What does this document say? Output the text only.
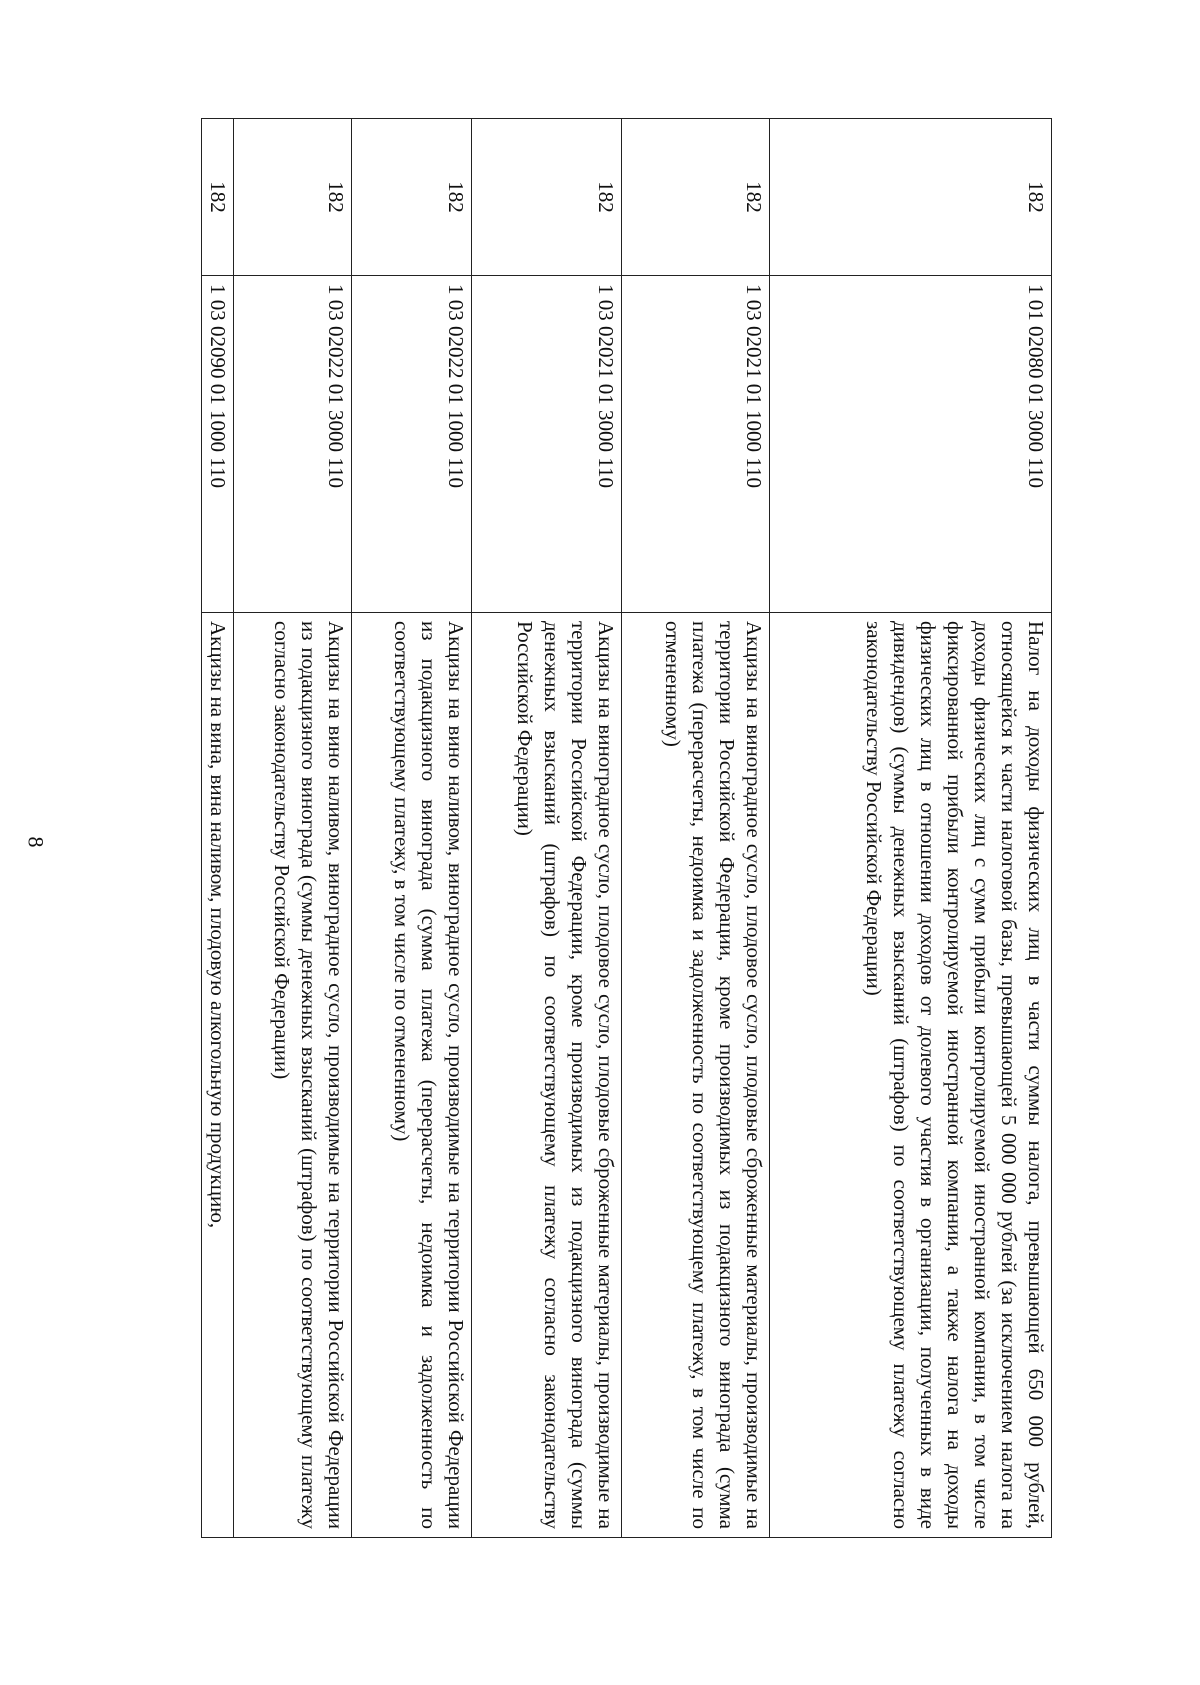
8
182	1 01 02080 01 3000 110	Налог на доходы физических лиц в части суммы налога, превышающей 650 000 рублей, относящейся к части налоговой базы, превышающей 5 000 000 рублей (за исключением налога на доходы физических лиц с сумм прибыли контролируемой иностранной компании, в том числе фиксированной прибыли контролируемой иностранной компании, а также налога на доходы физических лиц в отношении доходов от долевого участия в организации, полученных в виде дивидендов) (суммы денежных взысканий (штрафов) по соответствующему платежу согласно законодательству Российской Федерации)
182	1 03 02021 01 1000 110	Акцизы на виноградное сусло, плодовое сусло, плодовые сброженные материалы, производимые на территории Российской Федерации, кроме производимых из подакцизного винограда (сумма платежа (перерасчеты, недоимка и задолженность по соответствующему платежу, в том числе по отмененному)
182	1 03 02021 01 3000 110	Акцизы на виноградное сусло, плодовое сусло, плодовые сброженные материалы, производимые на территории Российской Федерации, кроме производимых из подакцизного винограда (суммы денежных взысканий (штрафов) по соответствующему платежу согласно законодательству Российской Федерации)
182	1 03 02022 01 1000 110	Акцизы на вино наливом, виноградное сусло, производимые на территории Российской Федерации из подакцизного винограда (сумма платежа (перерасчеты, недоимка и задолженность по соответствующему платежу, в том числе по отмененному)
182	1 03 02022 01 3000 110	Акцизы на вино наливом, виноградное сусло, производимые на территории Российской Федерации из подакцизного винограда (суммы денежных взысканий (штрафов) по соответствующему платежу согласно законодательству Российской Федерации)
182	1 03 02090 01 1000 110	Акцизы на вина, вина наливом, плодовую алкогольную продукцию,
